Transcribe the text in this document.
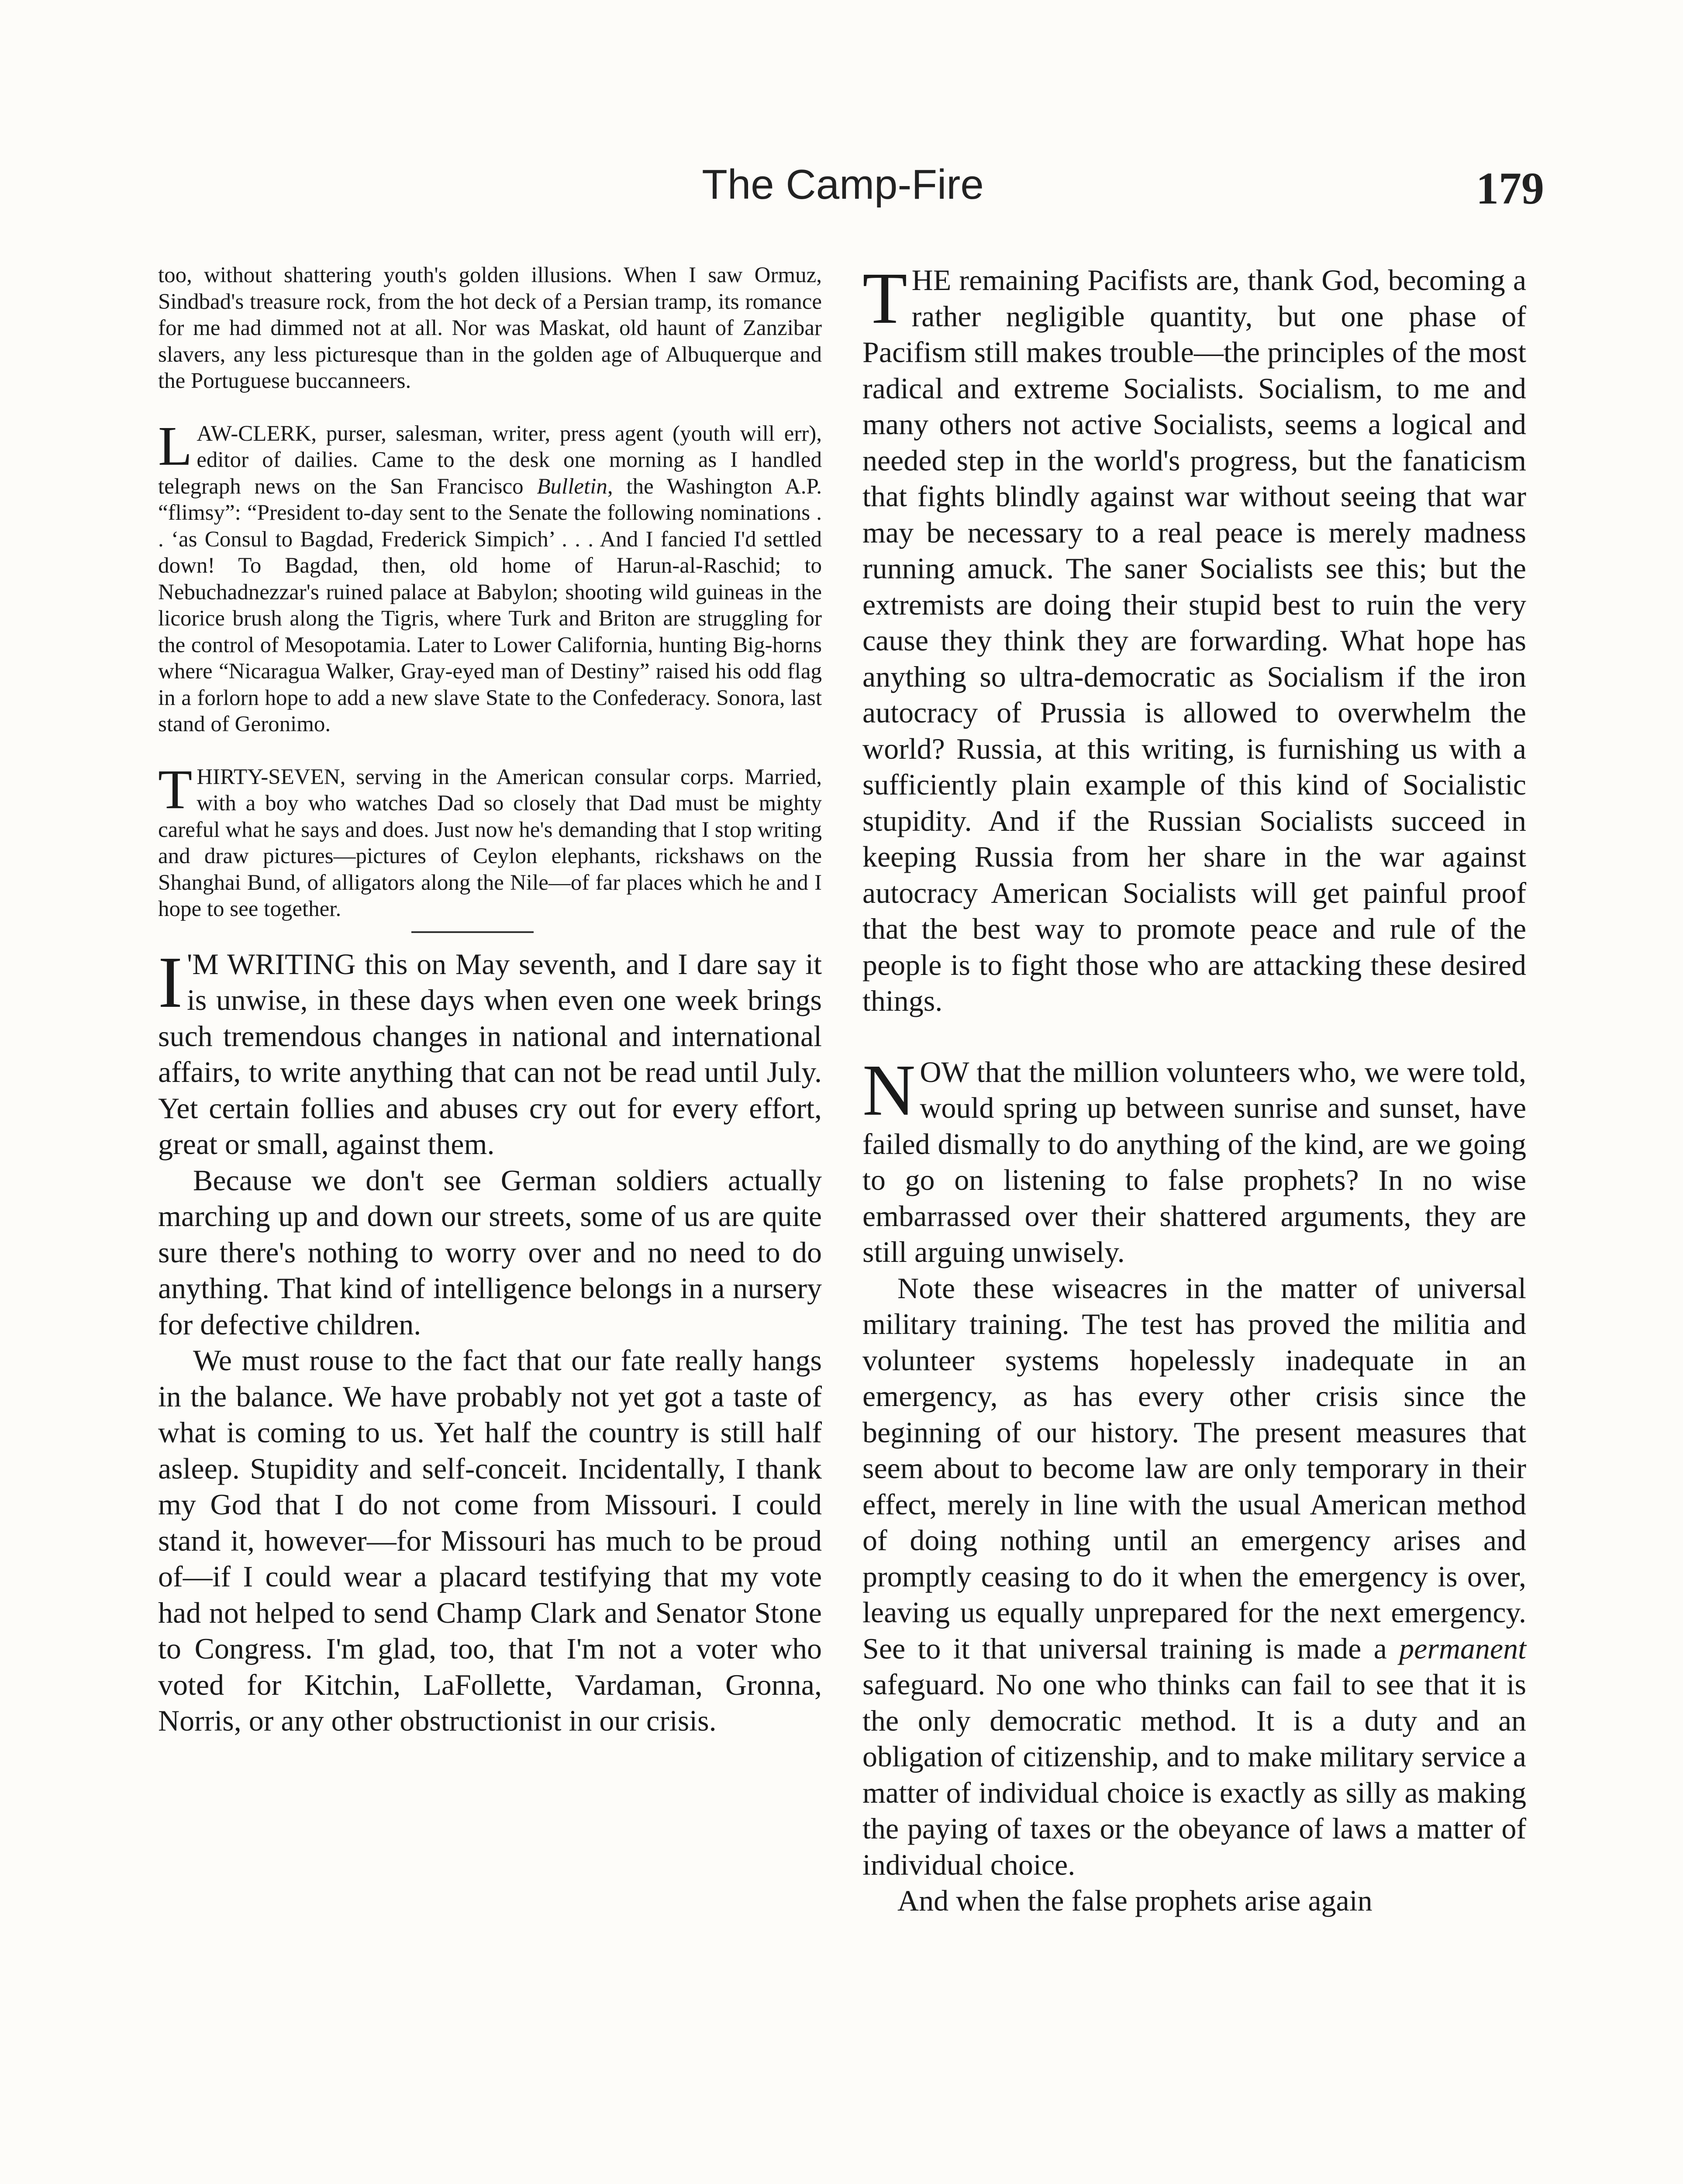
The Camp-Fire	179

too, without shattering youth's golden illusions. When I saw Ormuz, Sindbad's treasure rock, from the hot deck of a Persian tramp, its romance for me had dimmed not at all. Nor was Maskat, old haunt of Zanzibar slavers, any less picturesque than in the golden age of Albuquerque and the Portuguese buccanneers.

LAW-CLERK, purser, salesman, writer, press agent (youth will err), editor of dailies. Came to the desk one morning as I handled telegraph news on the San Francisco Bulletin, the Washington A.P. “flimsy”: “President to-day sent to the Senate the following nominations . . ‘as Consul to Bagdad, Frederick Simpich’ . . . And I fancied I'd settled down! To Bagdad, then, old home of Harun-al-Raschid; to Nebuchadnezzar's ruined palace at Babylon; shooting wild guineas in the licorice brush along the Tigris, where Turk and Briton are struggling for the control of Mesopotamia. Later to Lower California, hunting Big-horns where “Nicaragua Walker, Gray-eyed man of Destiny” raised his odd flag in a forlorn hope to add a new slave State to the Confederacy. Sonora, last stand of Geronimo.

THIRTY-SEVEN, serving in the American consular corps. Married, with a boy who watches Dad so closely that Dad must be mighty careful what he says and does. Just now he's demanding that I stop writing and draw pictures—pictures of Ceylon elephants, rickshaws on the Shanghai Bund, of alligators along the Nile—of far places which he and I hope to see together.

I 'M WRITING this on May seventh, and I dare say it is unwise, in these days when even one week brings such tremendous changes in national and international affairs, to write anything that can not be read until July. Yet certain follies and abuses cry out for every effort, great or small, against them.

Because we don't see German soldiers actually marching up and down our streets, some of us are quite sure there's nothing to worry over and no need to do anything. That kind of intelligence belongs in a nursery for defective children.

We must rouse to the fact that our fate really hangs in the balance. We have probably not yet got a taste of what is coming to us. Yet half the country is still half asleep. Stupidity and self-conceit. Incidentally, I thank my God that I do not come from Missouri. I could stand it, however—for Missouri has much to be proud of—if I could wear a placard testifying that my vote had not helped to send Champ Clark and Senator Stone to Congress. I'm glad, too, that I'm not a voter who voted for Kitchin, LaFollette, Vardaman, Gronna, Norris, or any other obstructionist in our crisis.

THE remaining Pacifists are, thank God, becoming a rather negligible quantity, but one phase of Pacifism still makes trouble—the principles of the most radical and extreme Socialists. Socialism, to me and many others not active Socialists, seems a logical and needed step in the world's progress, but the fanaticism that fights blindly against war without seeing that war may be necessary to a real peace is merely madness running amuck. The saner Socialists see this; but the extremists are doing their stupid best to ruin the very cause they think they are forwarding. What hope has anything so ultra-democratic as Socialism if the iron autocracy of Prussia is allowed to overwhelm the world? Russia, at this writing, is furnishing us with a sufficiently plain example of this kind of Socialistic stupidity. And if the Russian Socialists succeed in keeping Russia from her share in the war against autocracy American Socialists will get painful proof that the best way to promote peace and rule of the people is to fight those who are attacking these desired things.

NOW that the million volunteers who, we were told, would spring up between sunrise and sunset, have failed dismally to do anything of the kind, are we going to go on listening to false prophets? In no wise embarrassed over their shattered arguments, they are still arguing unwisely.

Note these wiseacres in the matter of universal military training. The test has proved the militia and volunteer systems hopelessly inadequate in an emergency, as has every other crisis since the beginning of our history. The present measures that seem about to become law are only temporary in their effect, merely in line with the usual American method of doing nothing until an emergency arises and promptly ceasing to do it when the emergency is over, leaving us equally unprepared for the next emergency. See to it that universal training is made a permanent safeguard. No one who thinks can fail to see that it is the only democratic method. It is a duty and an obligation of citizenship, and to make military service a matter of individual choice is exactly as silly as making the paying of taxes or the obeyance of laws a matter of individual choice.

And when the false prophets arise again
